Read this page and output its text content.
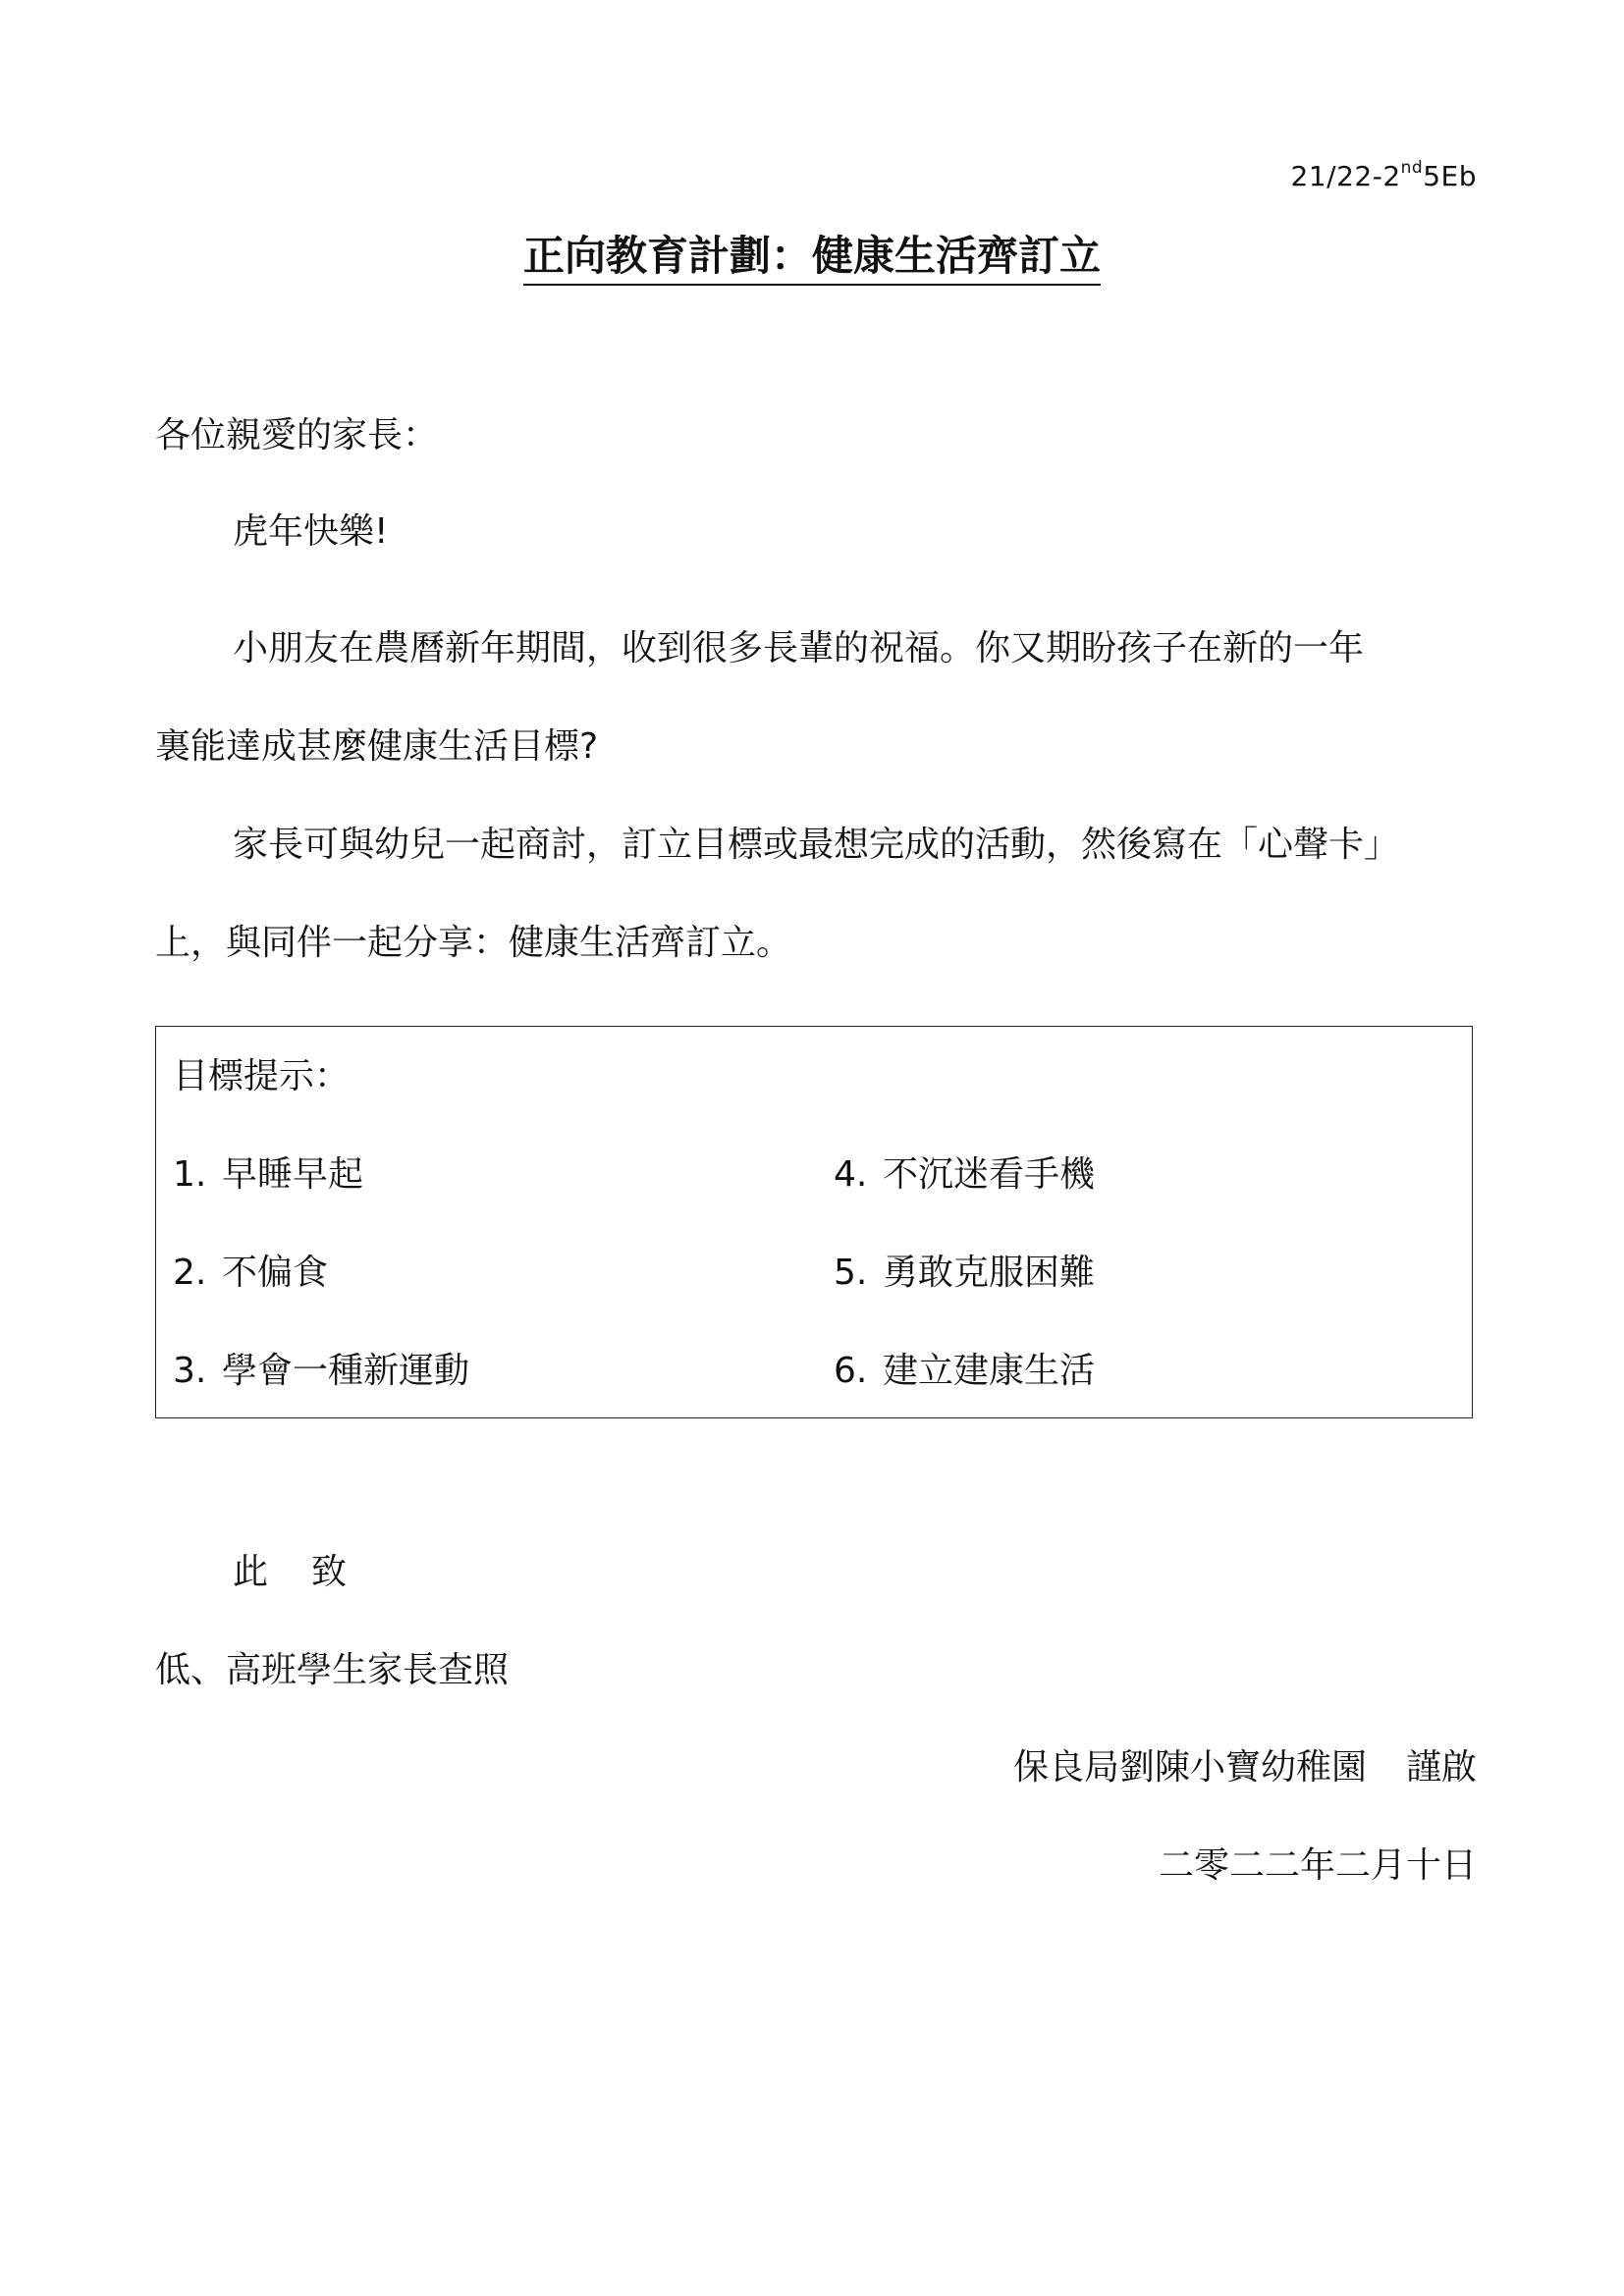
21/22-2nd5Eb
正向教育計劃：健康生活齊訂立
各位親愛的家長：
虎年快樂!
小朋友在農曆新年期間，收到很多長輩的祝福。你又期盼孩子在新的一年
裏能達成甚麼健康生活目標?
家長可與幼兒一起商討，訂立目標或最想完成的活動，然後寫在「心聲卡」
上，與同伴一起分享：健康生活齊訂立。
目標提示：
1. 早睡早起
2. 不偏食
3. 學會一種新運動
4. 不沉迷看手機
5. 勇敢克服困難
6. 建立建康生活
此 致
低、高班學生家長查照
保良局劉陳小寶幼稚園 謹啟
二零二二年二月十日
